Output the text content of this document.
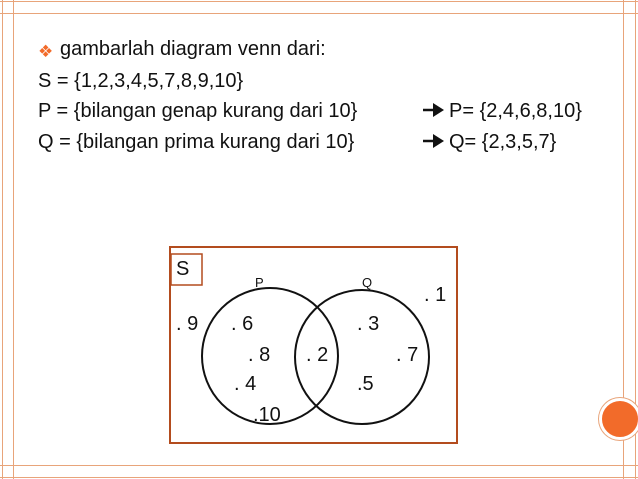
❖ gambarlah diagram venn dari:
S = {1,2,3,4,5,7,8,9,10}
P = {bilangan genap kurang dari 10}
Q = {bilangan prima kurang dari 10}
P= {2,4,6,8,10}
Q= {2,3,5,7}
S
P	Q
. 9
. 1
. 6
. 8
. 4
.10
. 2
. 3
. 7
.5
